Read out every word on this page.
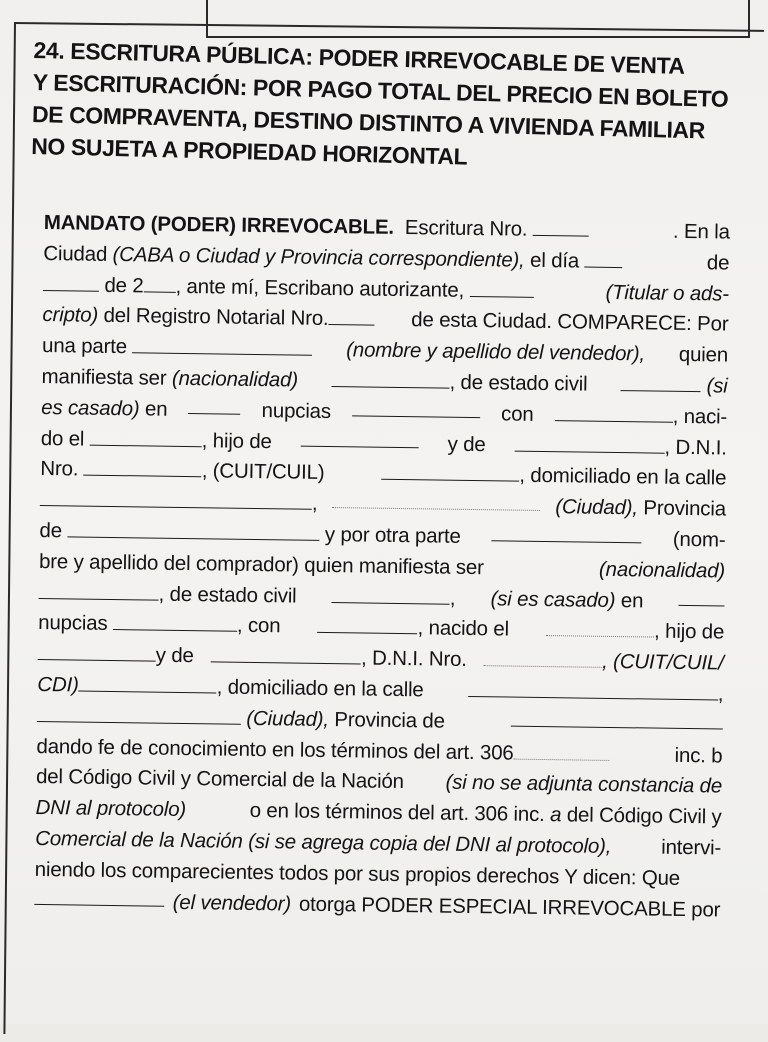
24. ESCRITURA PÚBLICA: PODER IRREVOCABLE DE VENTA
Y ESCRITURACIÓN: POR PAGO TOTAL DEL PRECIO EN BOLETO
DE COMPRAVENTA, DESTINO DISTINTO A VIVIENDA FAMILIAR
NO SUJETA A PROPIEDAD HORIZONTAL
MANDATO (PODER) IRREVOCABLE. Escritura Nro.	. En la
Ciudad (CABA o Ciudad y Provincia correspondiente), el día	de
de 2 , ante mí, Escribano autorizante,	(Titular o ads-
cripto) del Registro Notarial Nro.	de esta Ciudad. COMPARECE: Por
una parte	(nombre y apellido del vendedor), quien
manifiesta ser (nacionalidad)	, de estado civil	(si
es casado) en	nupcias	con	, naci-
do el	, hijo de	y de	, D.N.I.
Nro.	, (CUIT/CUIL)	, domiciliado en la calle
,	(Ciudad), Provincia
de	y por otra parte	(nom-
bre y apellido del comprador) quien manifiesta ser	(nacionalidad)
, de estado civil	, (si es casado) en
nupcias	, con	, nacido el	, hijo de
y de	, D.N.I. Nro.	, (CUIT/CUIL/
CDI)	, domiciliado en la calle	,
(Ciudad), Provincia de
dando fe de conocimiento en los términos del art. 306	inc. b
del Código Civil y Comercial de la Nación (si no se adjunta constancia de
DNI al protocolo)	o en los términos del art. 306 inc. a del Código Civil y
Comercial de la Nación (si se agrega copia del DNI al protocolo), intervi-
niendo los comparecientes todos por sus propios derechos Y dicen: Que
(el vendedor) otorga PODER ESPECIAL IRREVOCABLE por
